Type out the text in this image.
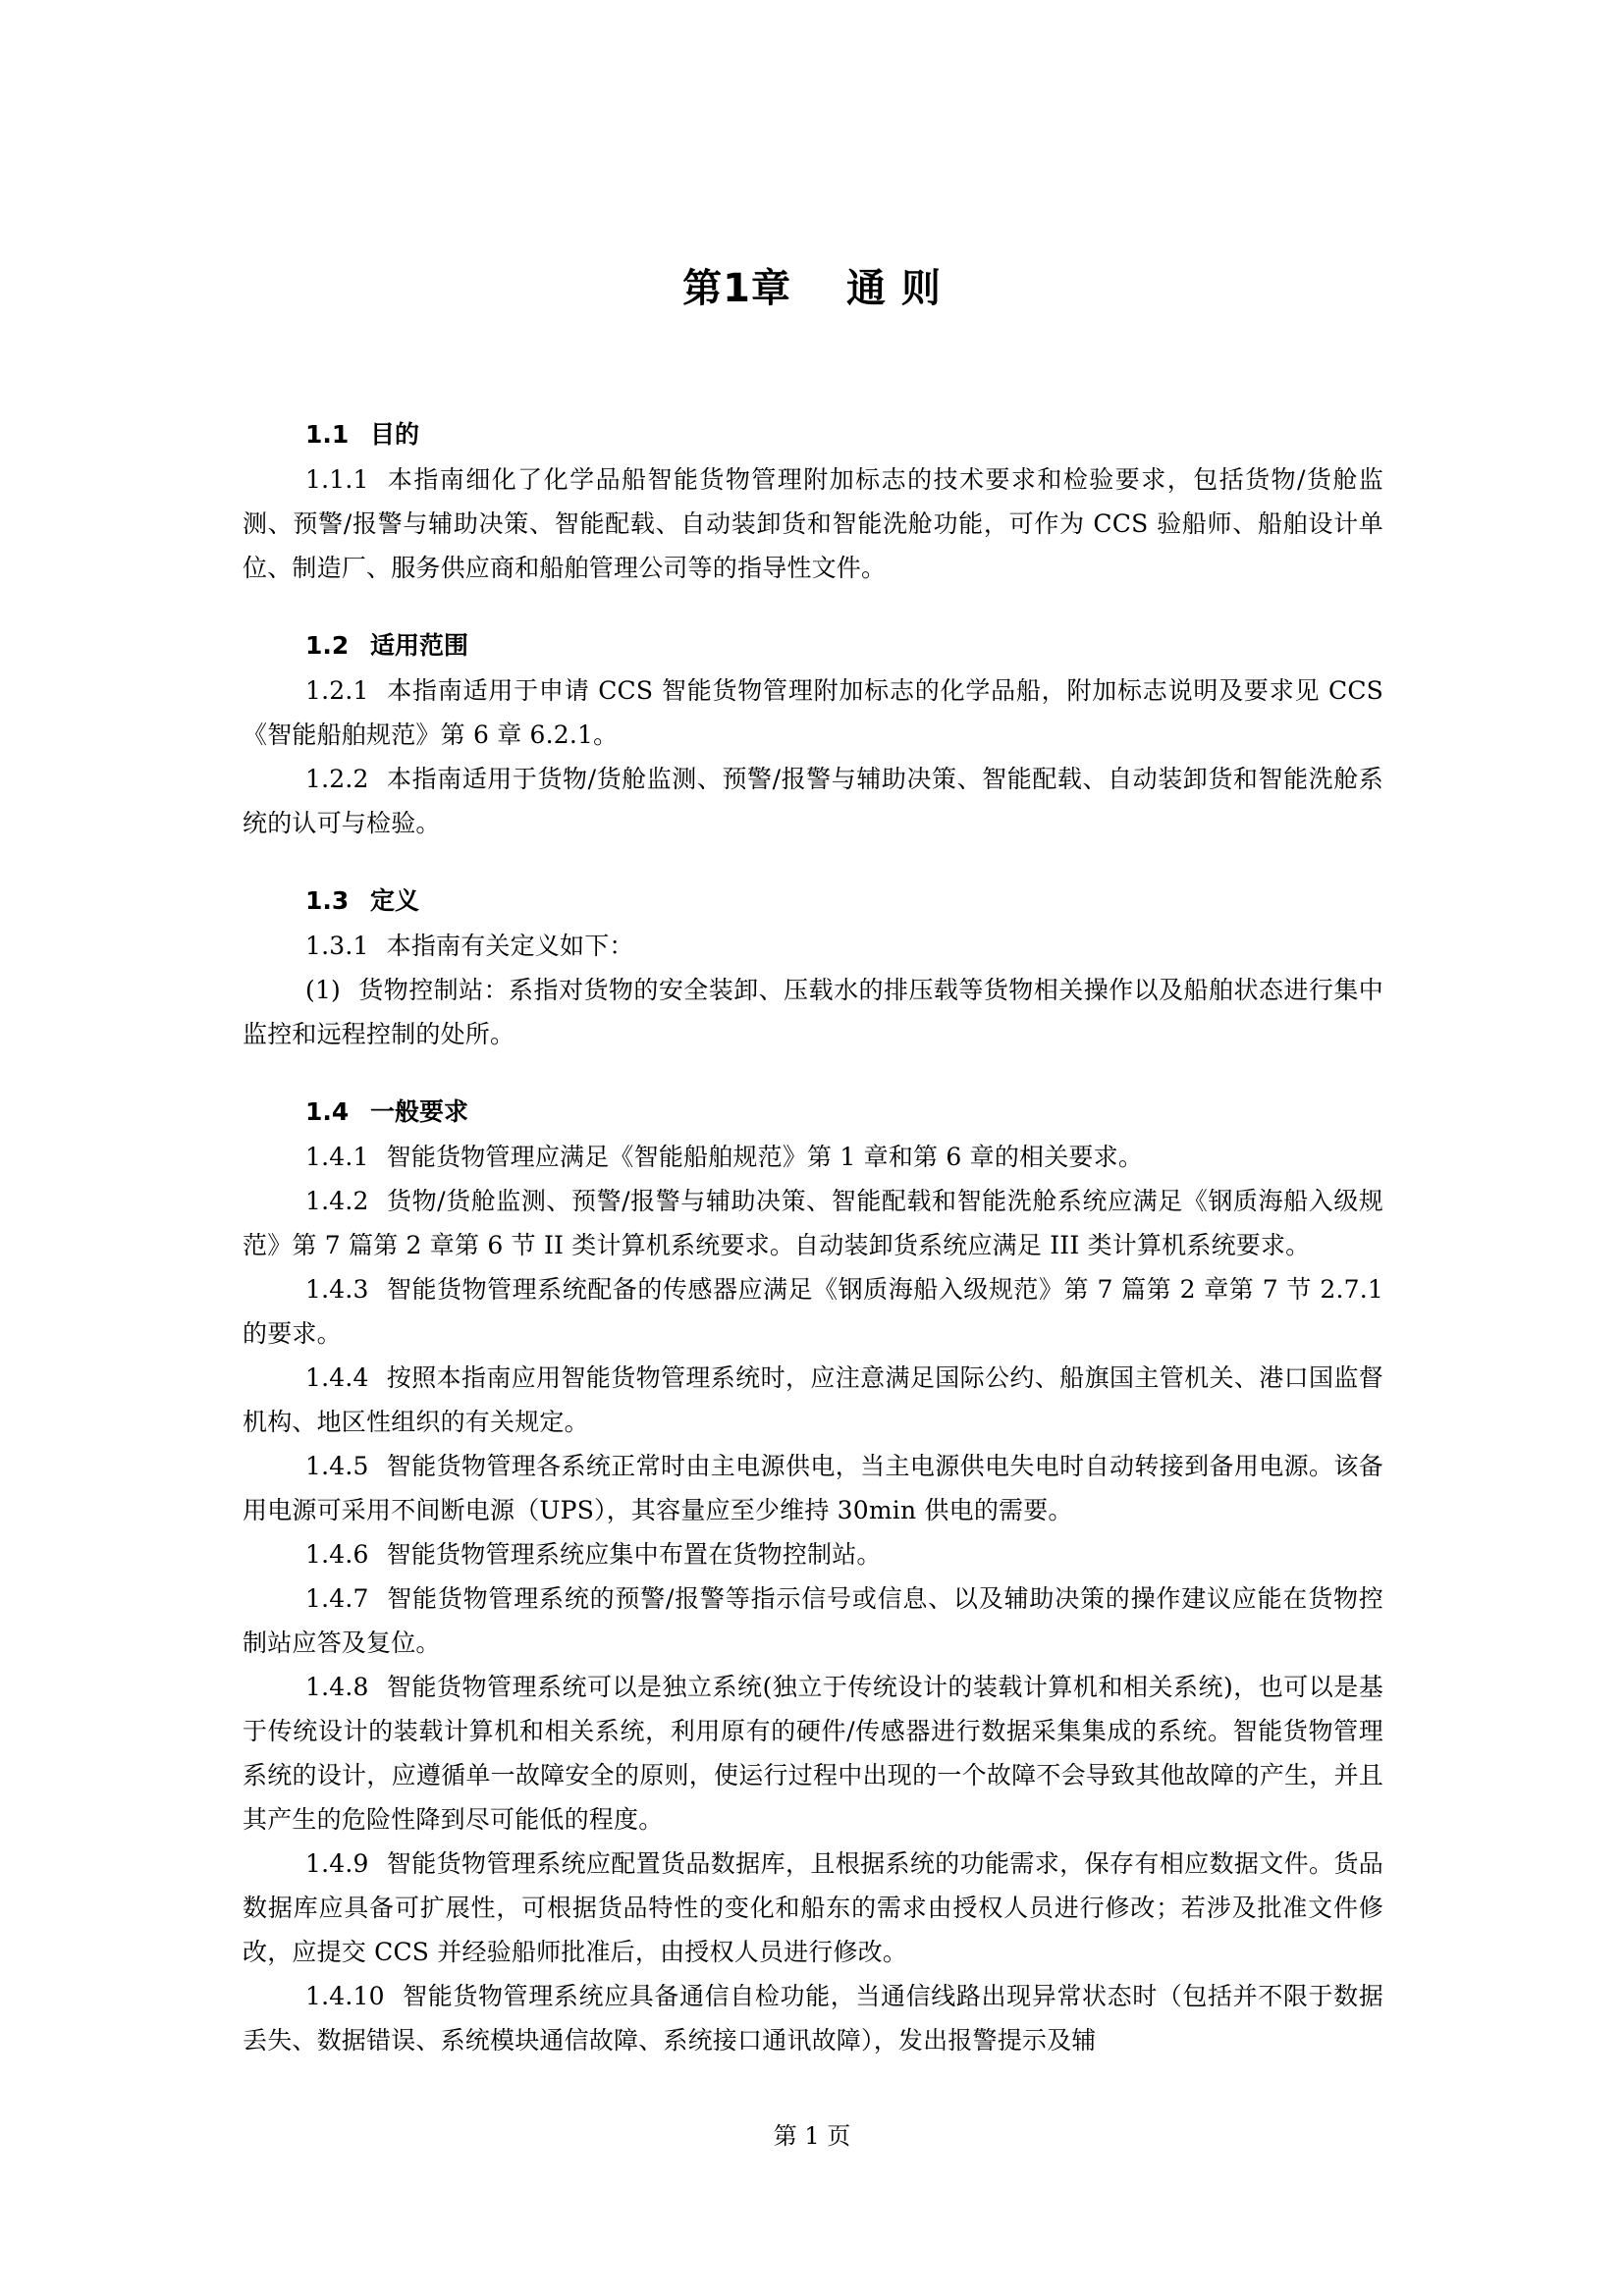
第1章 通 则
1.1 目的

1.1.1 本指南细化了化学品船智能货物管理附加标志的技术要求和检验要求，包括货物/货舱监测、预警/报警与辅助决策、智能配载、自动装卸货和智能洗舱功能，可作为 CCS 验船师、船舶设计单位、制造厂、服务供应商和船舶管理公司等的指导性文件。

1.2 适用范围

1.2.1 本指南适用于申请 CCS 智能货物管理附加标志的化学品船，附加标志说明及要求见 CCS《智能船舶规范》第 6 章 6.2.1。

1.2.2 本指南适用于货物/货舱监测、预警/报警与辅助决策、智能配载、自动装卸货和智能洗舱系统的认可与检验。

1.3 定义

1.3.1 本指南有关定义如下：

(1) 货物控制站：系指对货物的安全装卸、压载水的排压载等货物相关操作以及船舶状态进行集中监控和远程控制的处所。

1.4 一般要求

1.4.1 智能货物管理应满足《智能船舶规范》第 1 章和第 6 章的相关要求。

1.4.2 货物/货舱监测、预警/报警与辅助决策、智能配载和智能洗舱系统应满足《钢质海船入级规范》第 7 篇第 2 章第 6 节 II 类计算机系统要求。自动装卸货系统应满足 III 类计算机系统要求。

1.4.3 智能货物管理系统配备的传感器应满足《钢质海船入级规范》第 7 篇第 2 章第 7 节 2.7.1 的要求。

1.4.4 按照本指南应用智能货物管理系统时，应注意满足国际公约、船旗国主管机关、港口国监督机构、地区性组织的有关规定。

1.4.5 智能货物管理各系统正常时由主电源供电，当主电源供电失电时自动转接到备用电源。该备用电源可采用不间断电源（UPS），其容量应至少维持 30min 供电的需要。

1.4.6 智能货物管理系统应集中布置在货物控制站。

1.4.7 智能货物管理系统的预警/报警等指示信号或信息、以及辅助决策的操作建议应能在货物控制站应答及复位。

1.4.8 智能货物管理系统可以是独立系统(独立于传统设计的装载计算机和相关系统)，也可以是基于传统设计的装载计算机和相关系统，利用原有的硬件/传感器进行数据采集集成的系统。智能货物管理系统的设计，应遵循单一故障安全的原则，使运行过程中出现的一个故障不会导致其他故障的产生，并且其产生的危险性降到尽可能低的程度。

1.4.9 智能货物管理系统应配置货品数据库，且根据系统的功能需求，保存有相应数据文件。货品数据库应具备可扩展性，可根据货品特性的变化和船东的需求由授权人员进行修改；若涉及批准文件修改，应提交 CCS 并经验船师批准后，由授权人员进行修改。

1.4.10 智能货物管理系统应具备通信自检功能，当通信线路出现异常状态时（包括并不限于数据丢失、数据错误、系统模块通信故障、系统接口通讯故障），发出报警提示及辅

第 1 页
